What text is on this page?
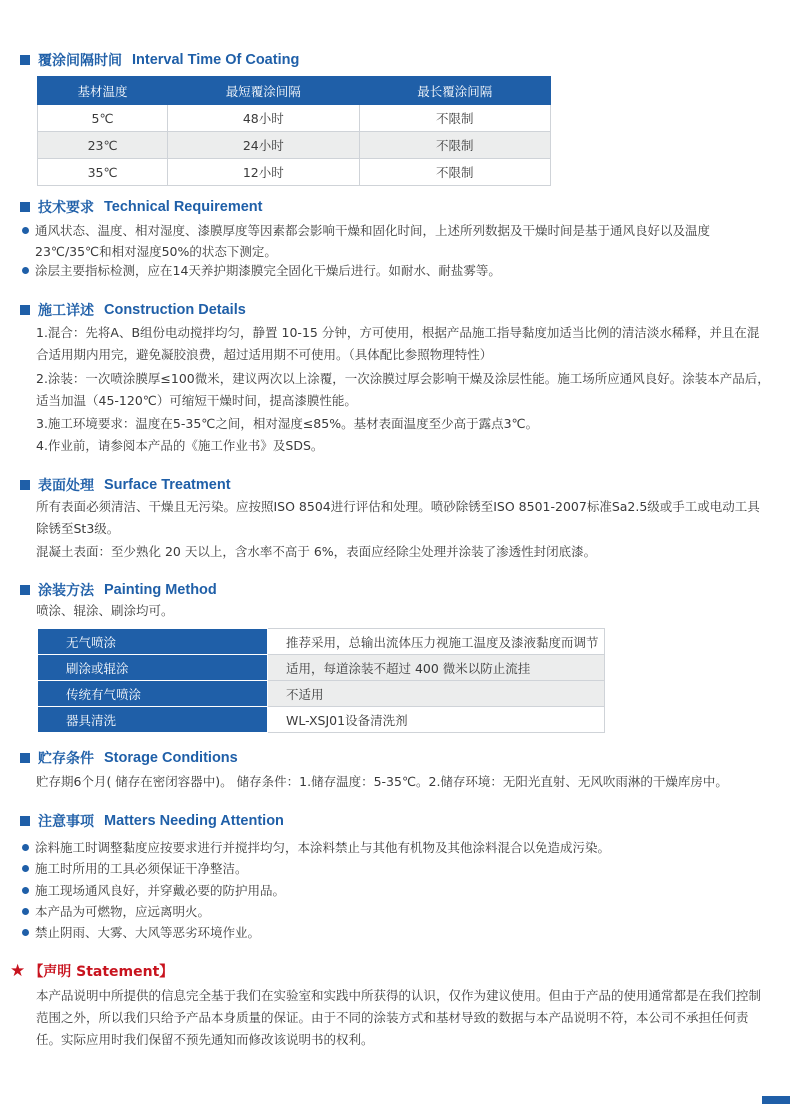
覆涂间隔时间 Interval Time Of Coating
基材温度	最短覆涂间隔	最长覆涂间隔
5℃	48小时	不限制
23℃	24小时	不限制
35℃	12小时	不限制
技术要求 Technical Requirement
通风状态、温度、相对湿度、漆膜厚度等因素都会影响干燥和固化时间，上述所列数据及干燥时间是基于通风良好以及温度23℃/35℃和相对湿度50%的状态下测定。
涂层主要指标检测，应在14天养护期漆膜完全固化干燥后进行。如耐水、耐盐雾等。
施工详述 Construction Details
1.混合：先将A、B组份电动搅拌均匀，静置 10-15 分钟，方可使用，根据产品施工指导黏度加适当比例的清洁淡水稀释，并且在混合适用期内用完，避免凝胶浪费，超过适用期不可使用。（具体配比参照物理特性）
2.涂装：一次喷涂膜厚≤100微米，建议两次以上涂覆，一次涂膜过厚会影响干燥及涂层性能。施工场所应通风良好。涂装本产品后，适当加温（45-120℃）可缩短干燥时间，提高漆膜性能。
3.施工环境要求：温度在5-35℃之间，相对湿度≤85%。基材表面温度至少高于露点3℃。
4.作业前，请参阅本产品的《施工作业书》及SDS。
表面处理 Surface Treatment
所有表面必须清洁、干燥且无污染。应按照ISO 8504进行评估和处理。喷砂除锈至ISO 8501-2007标准Sa2.5级或手工或电动工具除锈至St3级。
混凝土表面：至少熟化 20 天以上，含水率不高于 6%，表面应经除尘处理并涂装了渗透性封闭底漆。
涂装方法 Painting Method
喷涂、辊涂、刷涂均可。
无气喷涂	推荐采用，总输出流体压力视施工温度及漆液黏度而调节
刷涂或辊涂	适用，每道涂装不超过 400 微米以防止流挂
传统有气喷涂	不适用
器具清洗	WL-XSJ01设备清洗剂
贮存条件 Storage Conditions
贮存期6个月( 储存在密闭容器中)。 储存条件：1.储存温度：5-35℃。2.储存环境：无阳光直射、无风吹雨淋的干燥库房中。
注意事项 Matters Needing Attention
涂料施工时调整黏度应按要求进行并搅拌均匀，本涂料禁止与其他有机物及其他涂料混合以免造成污染。
施工时所用的工具必须保证干净整洁。
施工现场通风良好，并穿戴必要的防护用品。
本产品为可燃物，应远离明火。
禁止阴雨、大雾、大风等恶劣环境作业。
★ 【声明 Statement】
本产品说明中所提供的信息完全基于我们在实验室和实践中所获得的认识，仅作为建议使用。但由于产品的使用通常都是在我们控制范围之外，所以我们只给予产品本身质量的保证。由于不同的涂装方式和基材导致的数据与本产品说明不符，本公司不承担任何责任。实际应用时我们保留不预先通知而修改该说明书的权利。
